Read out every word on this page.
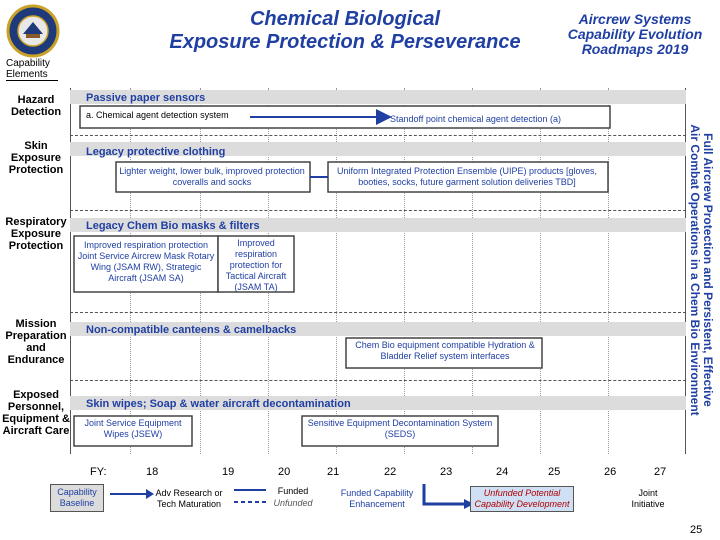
Chemical Biological
Exposure Protection & Perseverance
Aircrew Systems
Capability Evolution
Roadmaps 2019
Capability
Elements
Hazard Detection
Skin Exposure Protection
Respiratory Exposure Protection
Mission Preparation and Endurance
Exposed Personnel, Equipment & Aircraft Care
Passive paper sensors
a. Chemical agent detection system	Standoff point chemical agent detection (a)
Legacy protective clothing
Lighter weight, lower bulk, improved protection coveralls and socks
Uniform Integrated Protection Ensemble (UIPE) products [gloves, booties, socks, future garment solution deliveries TBD]
Legacy Chem Bio masks & filters
Improved respiration protection Joint Service Aircrew Mask Rotary Wing (JSAM RW), Strategic Aircraft (JSAM SA)
Improved respiration protection for Tactical Aircraft (JSAM TA)
Non-compatible canteens & camelbacks
Chem Bio equipment compatible Hydration & Bladder Relief system interfaces
Skin wipes; Soap & water aircraft decontamination
Joint Service Equipment Wipes (JSEW)
Sensitive Equipment Decontamination System (SEDS)
Full Aircrew Protection and Persistent, Effective
Air Combat Operations in a Chem Bio Environment
FY:	18	19	20	21	22	23	24	25	26	27
Capability Baseline
Adv Research or Tech Maturation
Funded
Unfunded
Funded Capability Enhancement
Unfunded Potential Capability Development
Joint Initiative
25
